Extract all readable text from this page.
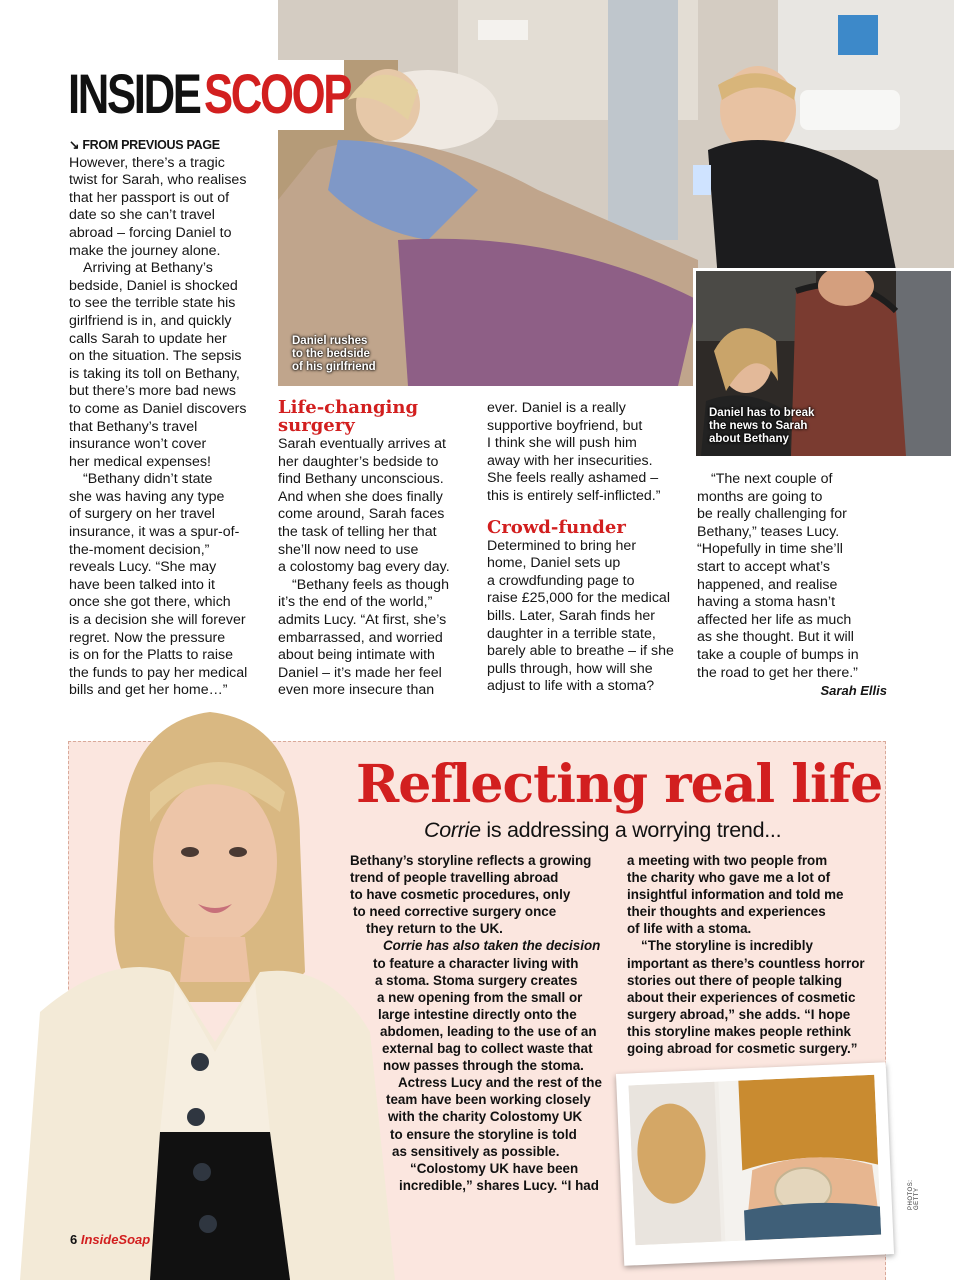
Daniel rushes
to the bedside
of his girlfriend
Daniel has to break
the news to Sarah
about Bethany
INSIDE SCOOP

↘ FROM PREVIOUS PAGE

However, there’s a tragic

twist for Sarah, who realises

that her passport is out of

date so she can’t travel

abroad – forcing Daniel to

make the journey alone.

Arriving at Bethany’s

bedside, Daniel is shocked

to see the terrible state his

girlfriend is in, and quickly

calls Sarah to update her

on the situation. The sepsis

is taking its toll on Bethany,

but there’s more bad news

to come as Daniel discovers

that Bethany’s travel

insurance won’t cover

her medical expenses!

“Bethany didn’t state

she was having any type

of surgery on her travel

insurance, it was a spur-of-

the-moment decision,”

reveals Lucy. “She may

have been talked into it

once she got there, which

is a decision she will forever

regret. Now the pressure

is on for the Platts to raise

the funds to pay her medical

bills and get her home…”

Life-changing

surgery

Sarah eventually arrives at

her daughter’s bedside to

find Bethany unconscious.

And when she does finally

come around, Sarah faces

the task of telling her that

she’ll now need to use

a colostomy bag every day.

“Bethany feels as though

it’s the end of the world,”

admits Lucy. “At first, she’s

embarrassed, and worried

about being intimate with

Daniel – it’s made her feel

even more insecure than

ever. Daniel is a really

supportive boyfriend, but

I think she will push him

away with her insecurities.

She feels really ashamed –

this is entirely self-inflicted.”

Crowd-funder

Determined to bring her

home, Daniel sets up

a crowdfunding page to

raise £25,000 for the medical

bills. Later, Sarah finds her

daughter in a terrible state,

barely able to breathe – if she

pulls through, how will she

adjust to life with a stoma?

“The next couple of

months are going to

be really challenging for

Bethany,” teases Lucy.

“Hopefully in time she’ll

start to accept what’s

happened, and realise

having a stoma hasn’t

affected her life as much

as she thought. But it will

take a couple of bumps in

the road to get her there.”

Sarah Ellis

Reflecting real life
Corrie is addressing a worrying trend...
Bethany’s storyline reflects a growing
trend of people travelling abroad
to have cosmetic procedures, only
to need corrective surgery once
they return to the UK.
Corrie has also taken the decision
to feature a character living with
a stoma. Stoma surgery creates
a new opening from the small or
large intestine directly onto the
abdomen, leading to the use of an
external bag to collect waste that
now passes through the stoma.
Actress Lucy and the rest of the
team have been working closely
with the charity Colostomy UK
to ensure the storyline is told
as sensitively as possible.
“Colostomy UK have been
incredible,” shares Lucy. “I had
a meeting with two people from
the charity who gave me a lot of
insightful information and told me
their thoughts and experiences
of life with a stoma.
“The storyline is incredibly
important as there’s countless horror
stories out there of people talking
about their experiences of cosmetic
surgery abroad,” she adds. “I hope
this storyline makes people rethink
going abroad for cosmetic surgery.”
6 InsideSoap
PHOTOS: GETTY
